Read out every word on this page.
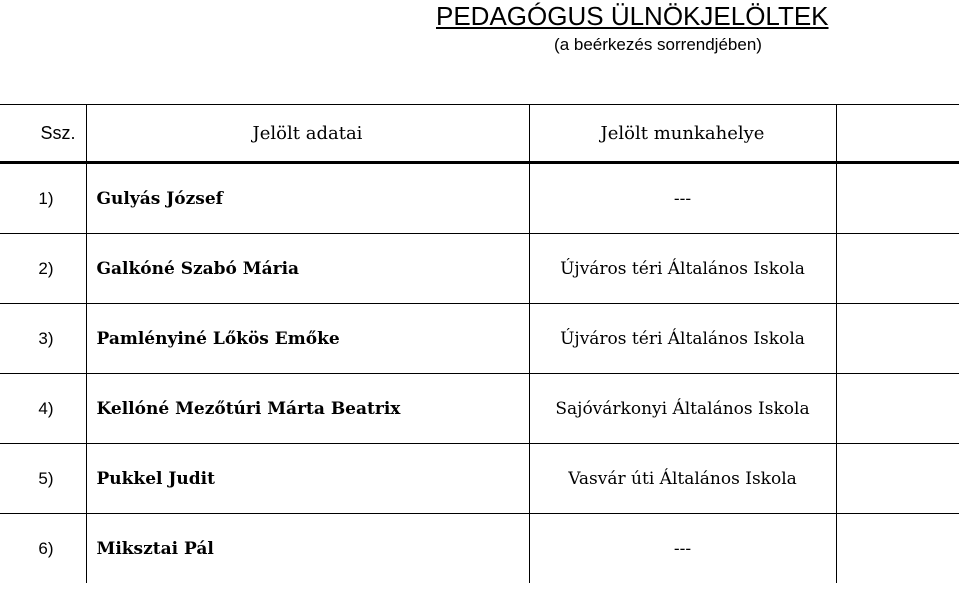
PEDAGÓGUS ÜLNÖKJELÖLTEK
(a beérkezés sorrendjében)
Ssz.	Jelölt adatai	Jelölt munkahelye	
1)	Gulyás József	---	
2)	Galkóné Szabó Mária	Újváros téri Általános Iskola	
3)	Pamlényiné Lőkös Emőke	Újváros téri Általános Iskola	
4)	Kellóné Mezőtúri Márta Beatrix	Sajóvárkonyi Általános Iskola	
5)	Pukkel Judit	Vasvár úti Általános Iskola	
6)	Miksztai Pál	---	
